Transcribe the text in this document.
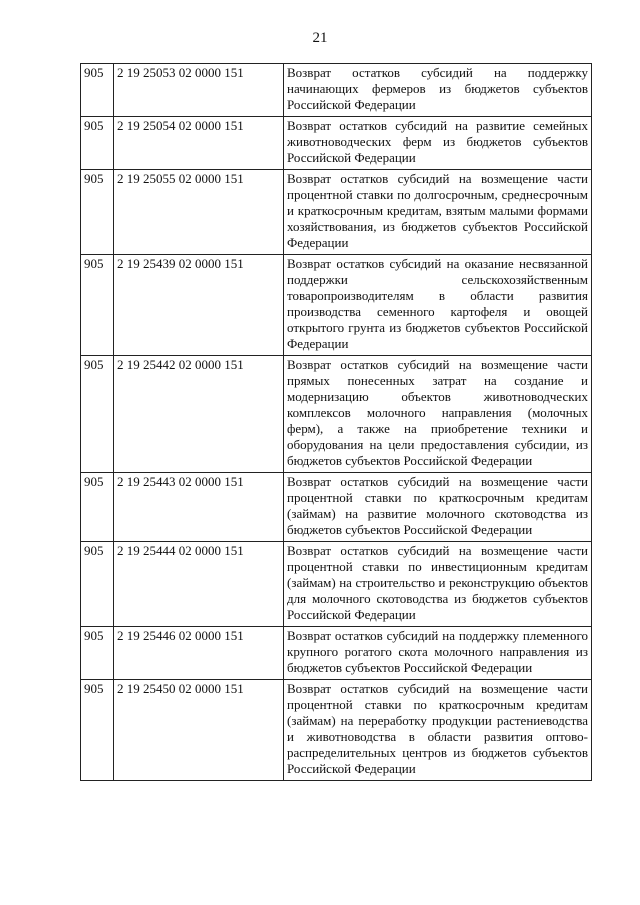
21
905	2 19 25053 02 0000 151	Возврат остатков субсидий на поддержку начинающих фермеров из бюджетов субъектов Российской Федерации
905	2 19 25054 02 0000 151	Возврат остатков субсидий на развитие семейных животноводческих ферм из бюджетов субъектов Российской Федерации
905	2 19 25055 02 0000 151	Возврат остатков субсидий на возмещение части процентной ставки по долгосрочным, среднесрочным и краткосрочным кредитам, взятым малыми формами хозяйствования, из бюджетов субъектов Российской Федерации
905	2 19 25439 02 0000 151	Возврат остатков субсидий на оказание несвязанной поддержки сельскохозяйственным товаропроизводителям в области развития производства семенного картофеля и овощей открытого грунта из бюджетов субъектов Российской Федерации
905	2 19 25442 02 0000 151	Возврат остатков субсидий на возмещение части прямых понесенных затрат на создание и модернизацию объектов животноводческих комплексов молочного направления (молочных ферм), а также на приобретение техники и оборудования на цели предоставления субсидии, из бюджетов субъектов Российской Федерации
905	2 19 25443 02 0000 151	Возврат остатков субсидий на возмещение части процентной ставки по краткосрочным кредитам (займам) на развитие молочного скотоводства из бюджетов субъектов Российской Федерации
905	2 19 25444 02 0000 151	Возврат остатков субсидий на возмещение части процентной ставки по инвестиционным кредитам (займам) на строительство и реконструкцию объектов для молочного скотоводства из бюджетов субъектов Российской Федерации
905	2 19 25446 02 0000 151	Возврат остатков субсидий на поддержку племенного крупного рогатого скота молочного направления из бюджетов субъектов Российской Федерации
905	2 19 25450 02 0000 151	Возврат остатков субсидий на возмещение части процентной ставки по краткосрочным кредитам (займам) на переработку продукции растениеводства и животноводства в области развития оптово-распределительных центров из бюджетов субъектов Российской Федерации
